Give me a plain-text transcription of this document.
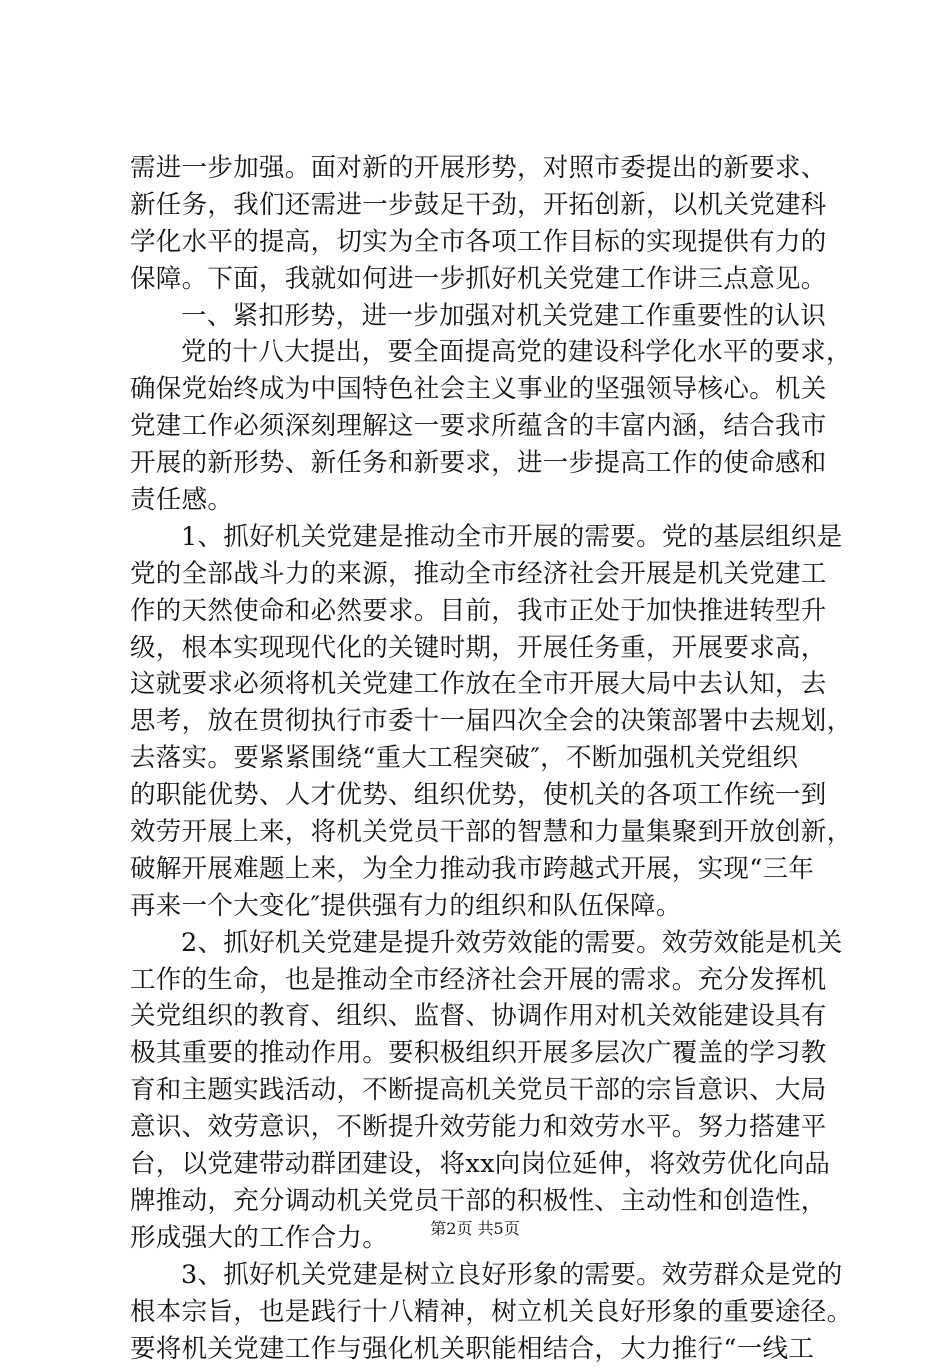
需进一步加强。面对新的开展形势，对照市委提出的新要求、
新任务，我们还需进一步鼓足干劲，开拓创新，以机关党建科
学化水平的提高，切实为全市各项工作目标的实现提供有力的
保障。下面，我就如何进一步抓好机关党建工作讲三点意见。
一、紧扣形势，进一步加强对机关党建工作重要性的认识
党的十八大提出，要全面提高党的建设科学化水平的要求，
确保党始终成为中国特色社会主义事业的坚强领导核心。机关
党建工作必须深刻理解这一要求所蕴含的丰富内涵，结合我市
开展的新形势、新任务和新要求，进一步提高工作的使命感和
责任感。
1、抓好机关党建是推动全市开展的需要。党的基层组织是
党的全部战斗力的来源，推动全市经济社会开展是机关党建工
作的天然使命和必然要求。目前，我市正处于加快推进转型升
级，根本实现现代化的关键时期，开展任务重，开展要求高，
这就要求必须将机关党建工作放在全市开展大局中去认知，去
思考，放在贯彻执行市委十一届四次全会的决策部署中去规划，
去落实。要紧紧围绕“重大工程突破″，不断加强机关党组织
的职能优势、人才优势、组织优势，使机关的各项工作统一到
效劳开展上来，将机关党员干部的智慧和力量集聚到开放创新，
破解开展难题上来，为全力推动我市跨越式开展，实现“三年
再来一个大变化″提供强有力的组织和队伍保障。
2、抓好机关党建是提升效劳效能的需要。效劳效能是机关
工作的生命，也是推动全市经济社会开展的需求。充分发挥机
关党组织的教育、组织、监督、协调作用对机关效能建设具有
极其重要的推动作用。要积极组织开展多层次广覆盖的学习教
育和主题实践活动，不断提高机关党员干部的宗旨意识、大局
意识、效劳意识，不断提升效劳能力和效劳水平。努力搭建平
台，以党建带动群团建设，将xx向岗位延伸，将效劳优化向品
牌推动，充分调动机关党员干部的积极性、主动性和创造性，
形成强大的工作合力。
3、抓好机关党建是树立良好形象的需要。效劳群众是党的
根本宗旨，也是践行十八精神，树立机关良好形象的重要途径。
要将机关党建工作与强化机关职能相结合，大力推行“一线工
第2页 共5页
